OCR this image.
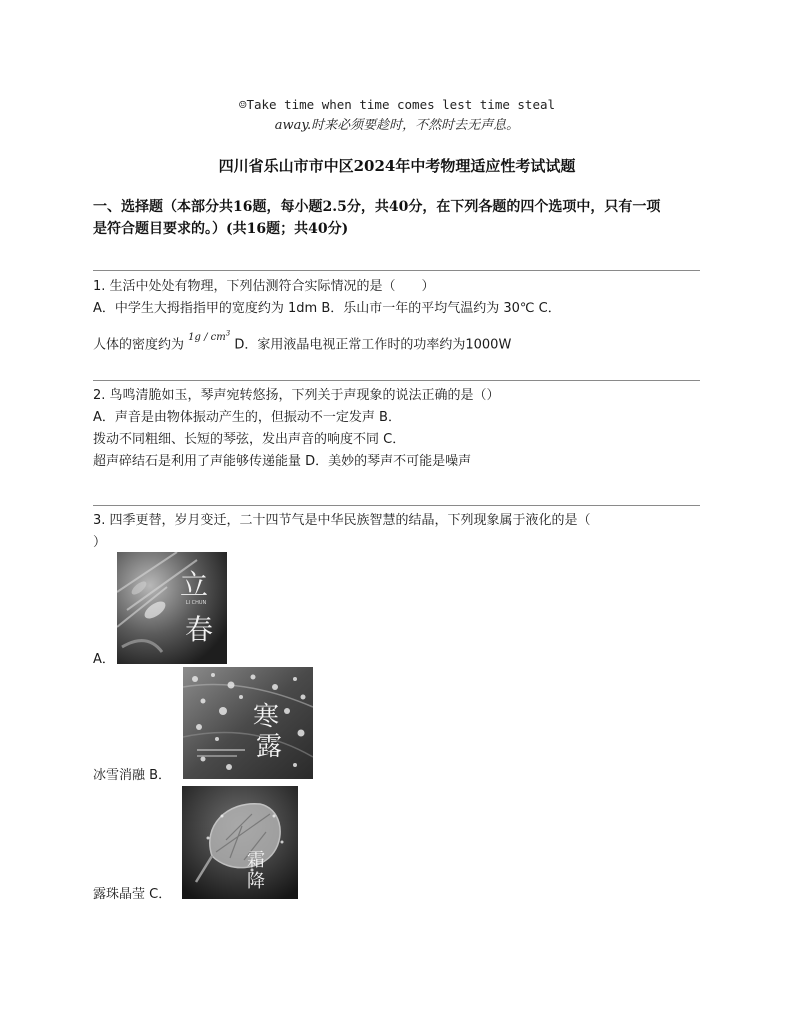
☺Take time when time comes lest time steal
away.时来必须要趁时，不然时去无声息。
四川省乐山市市中区2024年中考物理适应性考试试题
一、选择题（本部分共16题，每小题2.5分，共40分，在下列各题的四个选项中，只有一项
是符合题目要求的。）(共16题；共40分)

1. 生活中处处有物理，下列估测符合实际情况的是（　　）

A．中学生大拇指指甲的宽度约为 1dm B．乐山市一年的平均气温约为 30℃ C．

人体的密度约为 $^{1g / cm^3}$ D．家用液晶电视正常工作时的功率约为1000W

2. 鸟鸣清脆如玉，琴声宛转悠扬，下列关于声现象的说法正确的是（）

A．声音是由物体振动产生的，但振动不一定发声 B．

拨动不同粗细、长短的琴弦，发出声音的响度不同 C．

超声碎结石是利用了声能够传递能量 D．美妙的琴声不可能是噪声

3. 四季更替，岁月变迁，二十四节气是中华民族智慧的结晶，下列现象属于液化的是（

）

立
LI CHUN
春
A．
寒
露
冰雪消融 B．
霜
降
露珠晶莹 C．
